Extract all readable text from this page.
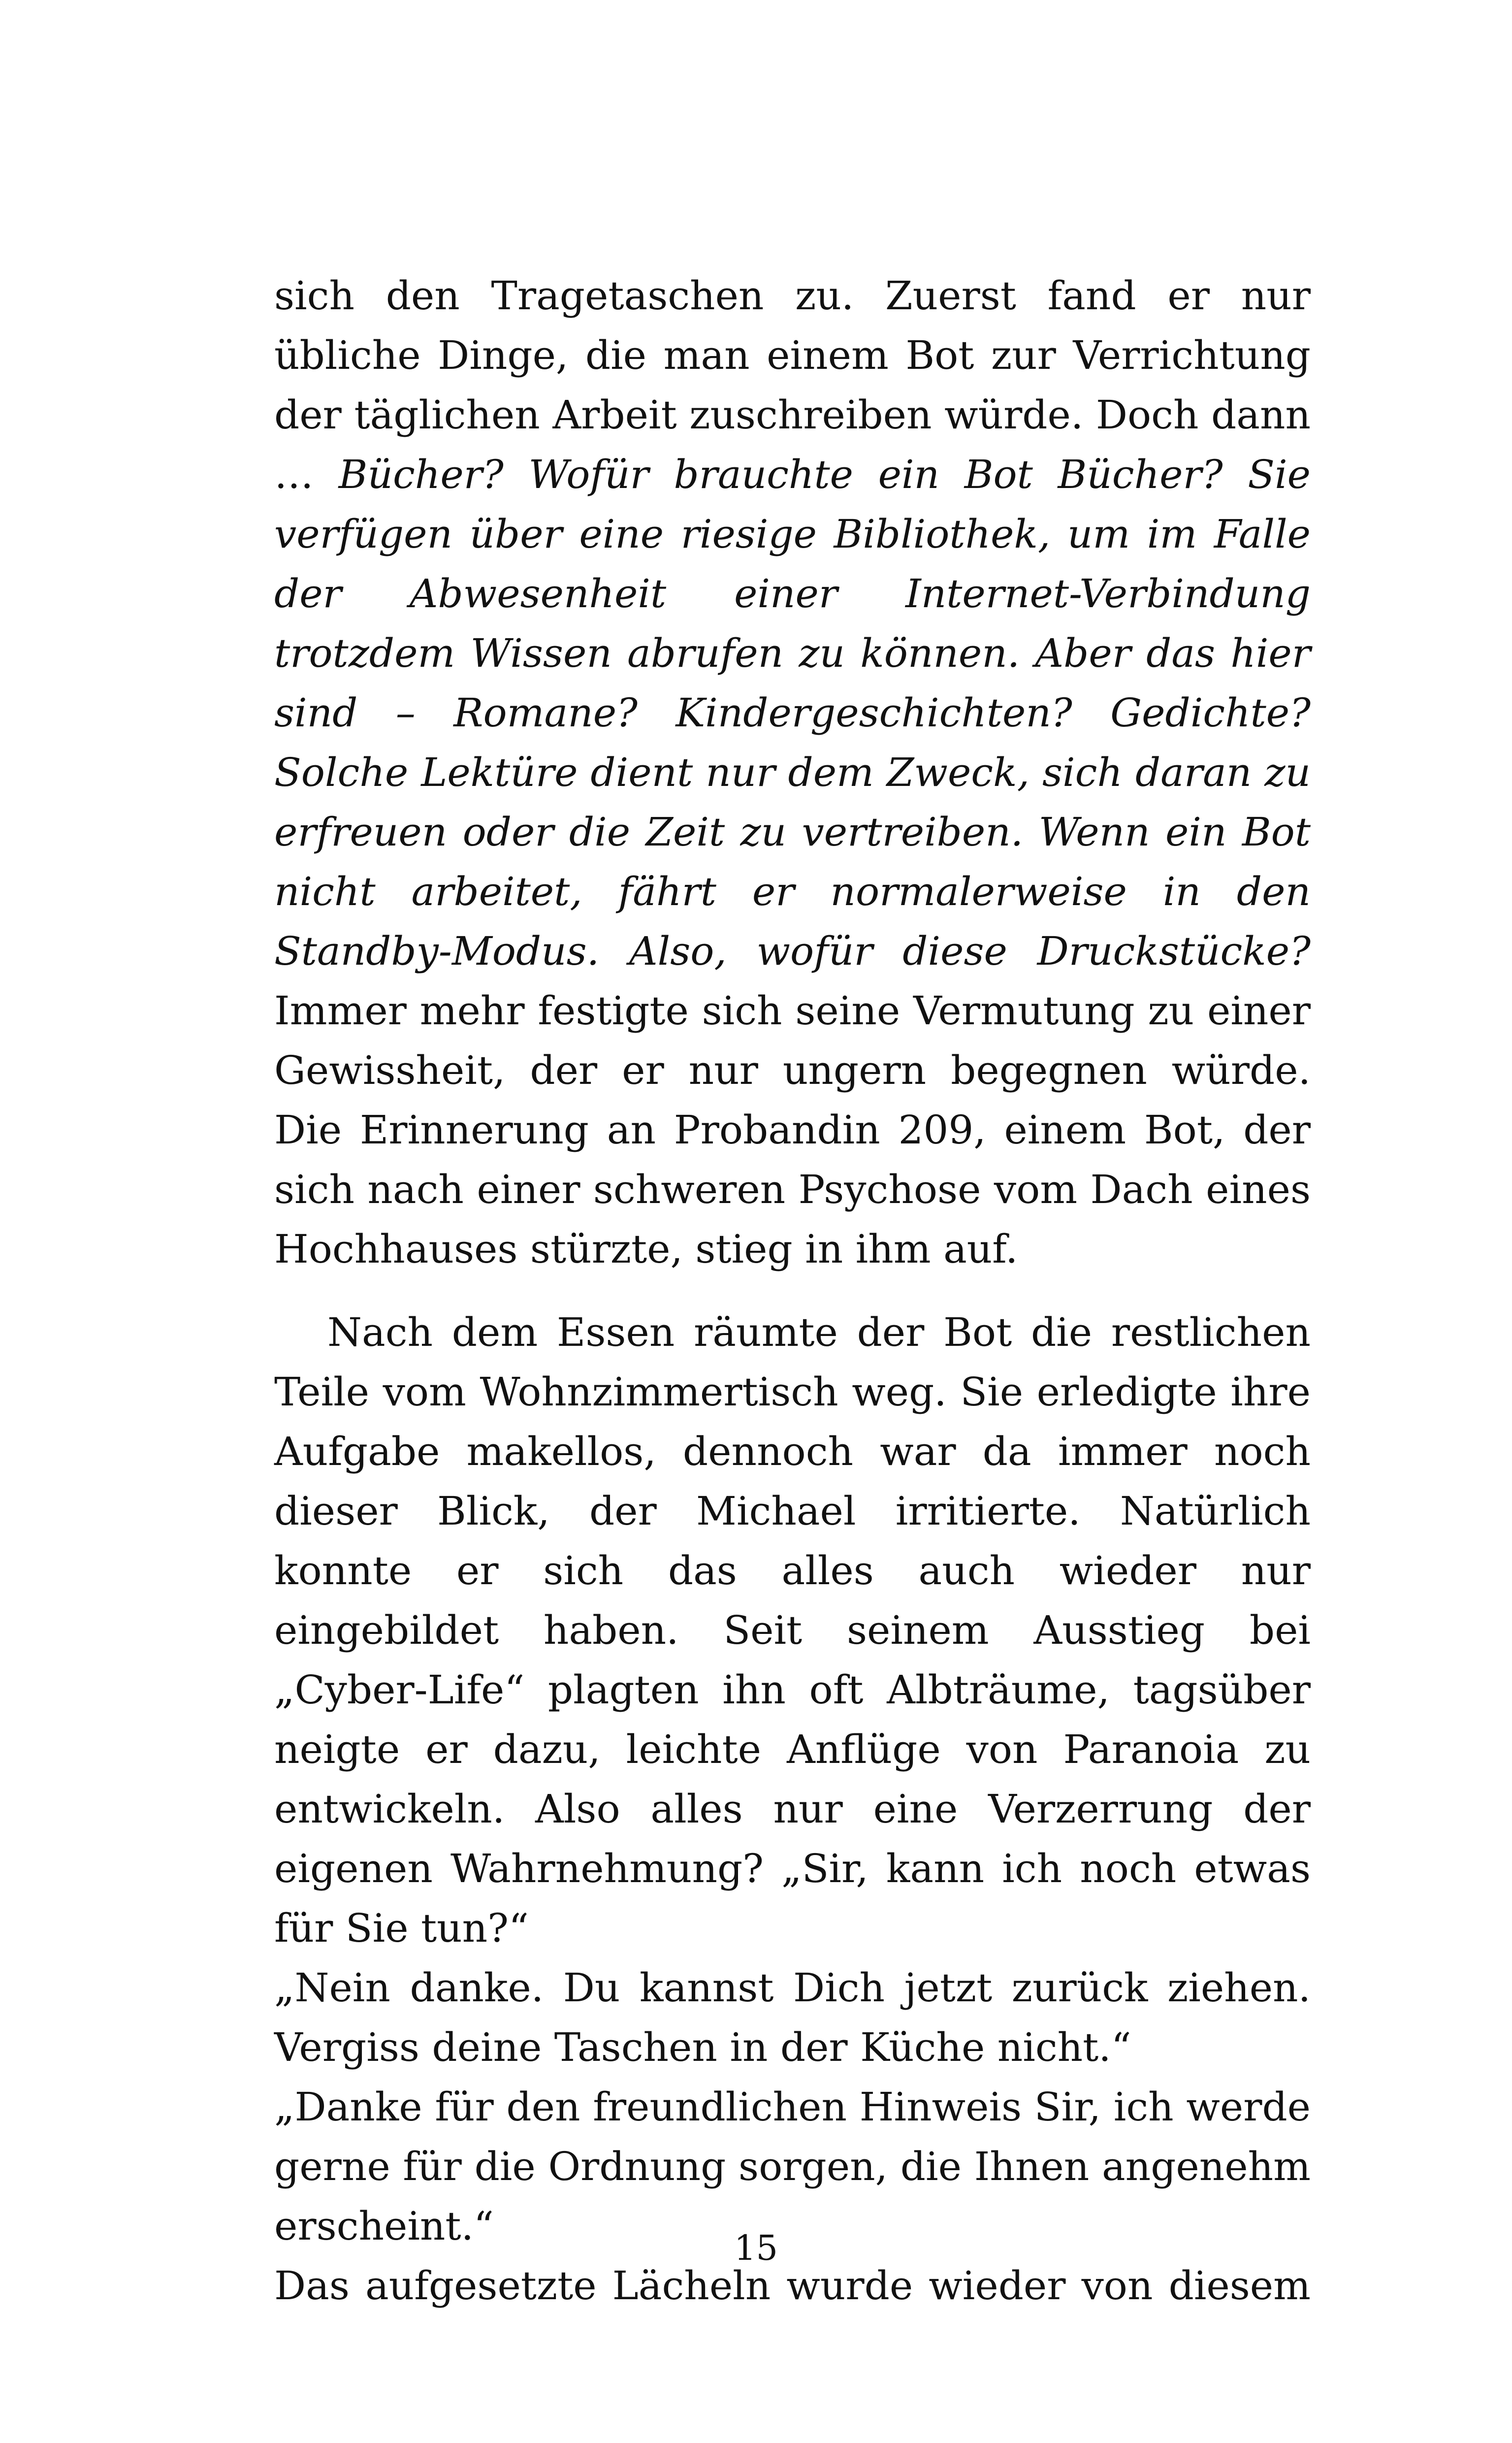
sich den Tragetaschen zu. Zuerst fand er nur übliche Dinge, die man einem Bot zur Verrichtung der täglichen Arbeit zuschreiben würde. Doch dann … Bücher? Wofür brauchte ein Bot Bücher? Sie verfügen über eine riesige Bibliothek, um im Falle der Abwesenheit einer Internet-Verbindung trotzdem Wissen abrufen zu können. Aber das hier sind – Romane? Kindergeschichten? Gedichte? Solche Lektüre dient nur dem Zweck, sich daran zu erfreuen oder die Zeit zu vertreiben. Wenn ein Bot nicht arbeitet, fährt er normalerweise in den Standby-Modus. Also, wofür diese Druckstücke? Immer mehr festigte sich seine Vermutung zu einer Gewissheit, der er nur ungern begegnen würde. Die Erinnerung an Probandin 209, einem Bot, der sich nach einer schweren Psychose vom Dach eines Hochhauses stürzte, stieg in ihm auf.

Nach dem Essen räumte der Bot die restlichen Teile vom Wohnzimmertisch weg. Sie erledigte ihre Aufgabe makellos, dennoch war da immer noch dieser Blick, der Michael irritierte. Natürlich konnte er sich das alles auch wieder nur eingebildet haben. Seit seinem Ausstieg bei „Cyber-Life“ plagten ihn oft Albträume, tagsüber neigte er dazu, leichte Anflüge von Paranoia zu entwickeln. Also alles nur eine Verzerrung der eigenen Wahrnehmung? „Sir, kann ich noch etwas für Sie tun?“

„Nein danke. Du kannst Dich jetzt zurück ziehen. Vergiss deine Taschen in der Küche nicht.“

„Danke für den freundlichen Hinweis Sir, ich werde gerne für die Ordnung sorgen, die Ihnen angenehm erscheint.“

Das aufgesetzte Lächeln wurde wieder von diesem

15
